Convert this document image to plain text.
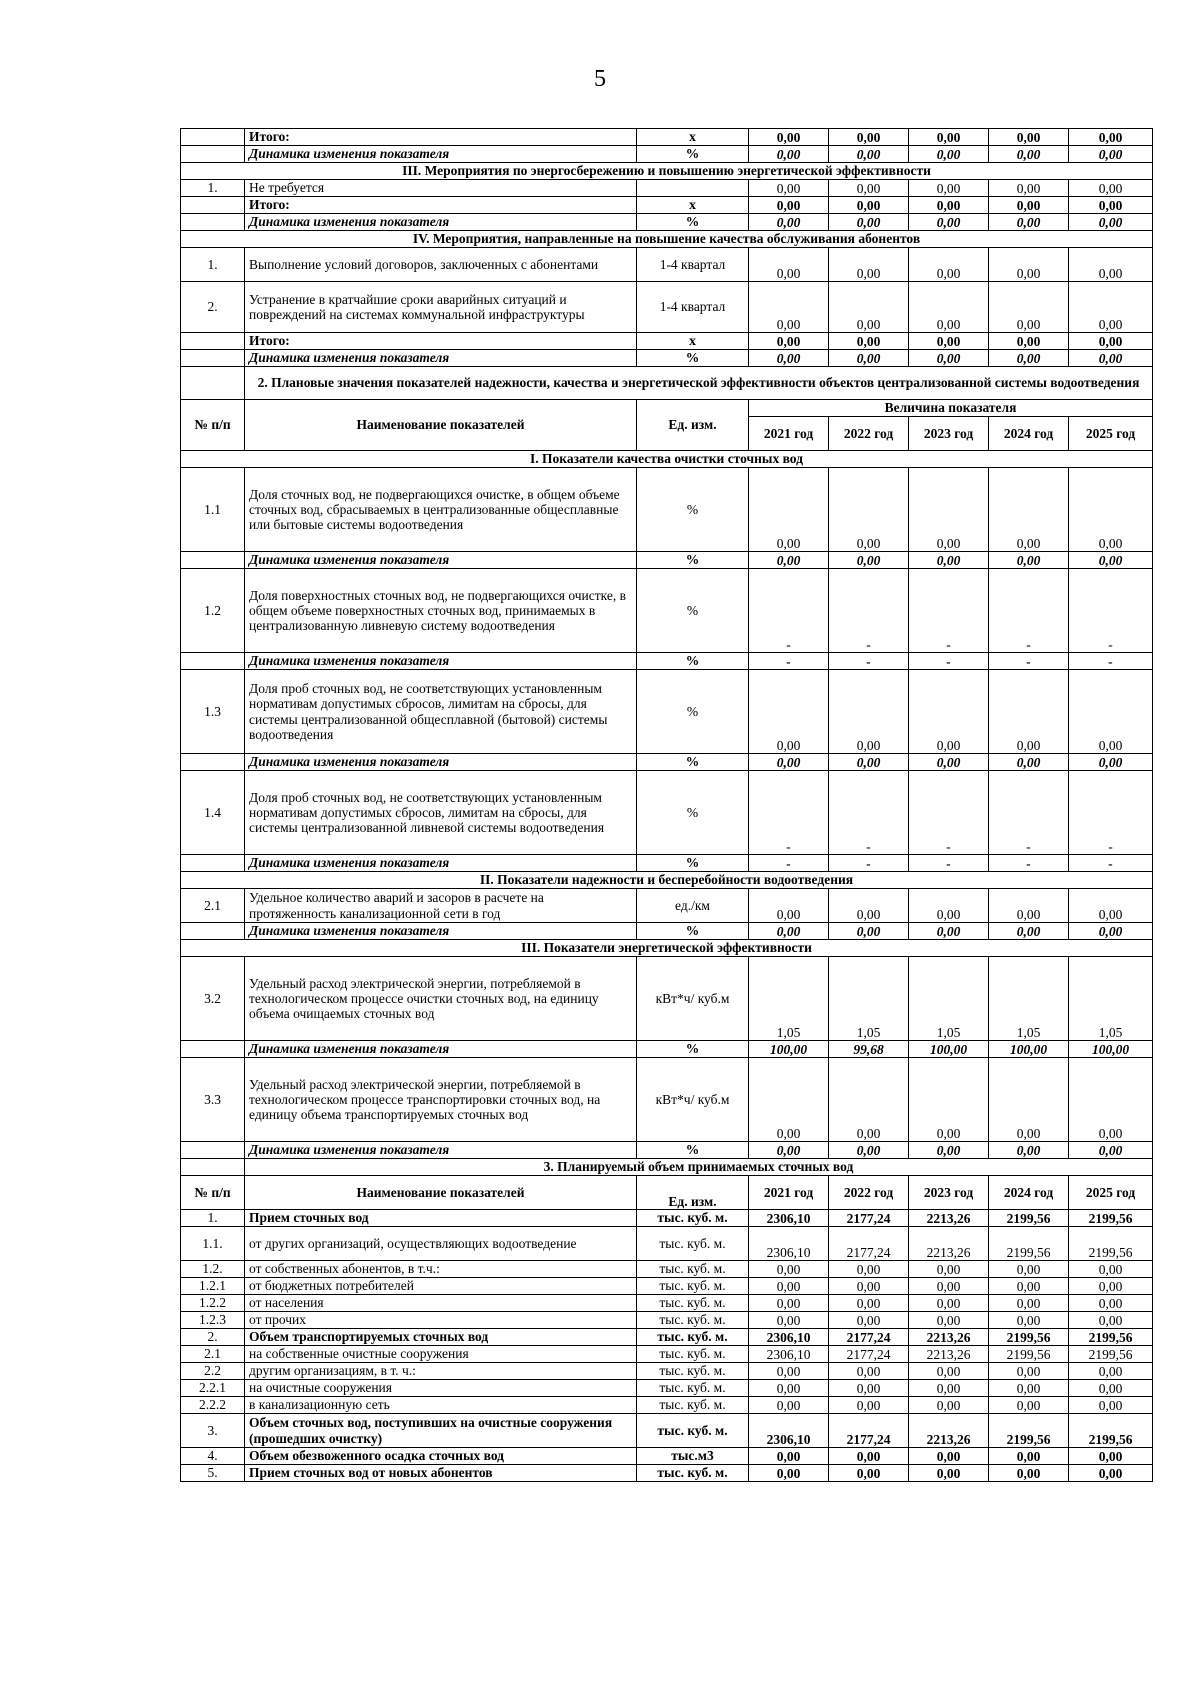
5
	Итого:	х	0,00	0,00	0,00	0,00	0,00
	Динамика изменения показателя	%	0,00	0,00	0,00	0,00	0,00
III. Мероприятия по энергосбережению и повышению энергетической эффективности							
1.	Не требуется		0,00	0,00	0,00	0,00	0,00
	Итого:	х	0,00	0,00	0,00	0,00	0,00
	Динамика изменения показателя	%	0,00	0,00	0,00	0,00	0,00
IV. Мероприятия, направленные на повышение качества обслуживания абонентов							
1.	Выполнение условий договоров, заключенных с абонентами	1-4 квартал	0,00	0,00	0,00	0,00	0,00
2.	Устранение в кратчайшие сроки аварийных ситуаций и повреждений на системах коммунальной инфраструктуры	1-4 квартал	0,00	0,00	0,00	0,00	0,00
	Итого:	х	0,00	0,00	0,00	0,00	0,00
	Динамика изменения показателя	%	0,00	0,00	0,00	0,00	0,00
	2. Плановые значения показателей надежности, качества и энергетической эффективности объектов централизованной системы водоотведения						
№ п/п	Наименование показателей	Ед. изм.	Величина показателя				
			2021 год	2022 год	2023 год	2024 год	2025 год
I. Показатели качества очистки сточных вод							
1.1	Доля сточных вод, не подвергающихся очистке, в общем объеме сточных вод, сбрасываемых в централизованные общесплавные или бытовые системы водоотведения	%	0,00	0,00	0,00	0,00	0,00
	Динамика изменения показателя	%	0,00	0,00	0,00	0,00	0,00
1.2	Доля поверхностных сточных вод, не подвергающихся очистке, в общем объеме поверхностных сточных вод, принимаемых в централизованную ливневую систему водоотведения	%	-	-	-	-	-
	Динамика изменения показателя	%	-	-	-	-	-
1.3	Доля проб сточных вод, не соответствующих установленным нормативам допустимых сбросов, лимитам на сбросы, для системы централизованной общесплавной (бытовой) системы водоотведения	%	0,00	0,00	0,00	0,00	0,00
	Динамика изменения показателя	%	0,00	0,00	0,00	0,00	0,00
1.4	Доля проб сточных вод, не соответствующих установленным нормативам допустимых сбросов, лимитам на сбросы, для системы централизованной ливневой системы водоотведения	%	-	-	-	-	-
	Динамика изменения показателя	%	-	-	-	-	-
II. Показатели надежности и бесперебойности водоотведения							
2.1	Удельное количество аварий и засоров в расчете на протяженность канализационной сети в год	ед./км	0,00	0,00	0,00	0,00	0,00
	Динамика изменения показателя	%	0,00	0,00	0,00	0,00	0,00
III. Показатели энергетической эффективности							
3.2	Удельный расход электрической энергии, потребляемой в технологическом процессе очистки сточных вод, на единицу объема очищаемых сточных вод	кВт*ч/ куб.м	1,05	1,05	1,05	1,05	1,05
	Динамика изменения показателя	%	100,00	99,68	100,00	100,00	100,00
3.3	Удельный расход электрической энергии, потребляемой в технологическом процессе транспортировки сточных вод, на единицу объема транспортируемых сточных вод	кВт*ч/ куб.м	0,00	0,00	0,00	0,00	0,00
	Динамика изменения показателя	%	0,00	0,00	0,00	0,00	0,00
	3. Планируемый объем принимаемых сточных вод						
№ п/п	Наименование показателей	Ед. изм.	2021 год	2022 год	2023 год	2024 год	2025 год
1.	Прием сточных вод	тыс. куб. м.	2306,10	2177,24	2213,26	2199,56	2199,56
1.1.	от других организаций, осуществляющих водоотведение	тыс. куб. м.	2306,10	2177,24	2213,26	2199,56	2199,56
1.2.	от собственных абонентов, в т.ч.:	тыс. куб. м.	0,00	0,00	0,00	0,00	0,00
1.2.1	от бюджетных потребителей	тыс. куб. м.	0,00	0,00	0,00	0,00	0,00
1.2.2	от населения	тыс. куб. м.	0,00	0,00	0,00	0,00	0,00
1.2.3	от прочих	тыс. куб. м.	0,00	0,00	0,00	0,00	0,00
2.	Объем транспортируемых сточных вод	тыс. куб. м.	2306,10	2177,24	2213,26	2199,56	2199,56
2.1	на собственные очистные сооружения	тыс. куб. м.	2306,10	2177,24	2213,26	2199,56	2199,56
2.2	другим организациям, в т. ч.:	тыс. куб. м.	0,00	0,00	0,00	0,00	0,00
2.2.1	на очистные сооружения	тыс. куб. м.	0,00	0,00	0,00	0,00	0,00
2.2.2	в канализационную сеть	тыс. куб. м.	0,00	0,00	0,00	0,00	0,00
3.	Объем сточных вод, поступивших на очистные сооружения (прошедших очистку)	тыс. куб. м.	2306,10	2177,24	2213,26	2199,56	2199,56
4.	Объем обезвоженного осадка сточных вод	тыс.м3	0,00	0,00	0,00	0,00	0,00
5.	Прием сточных вод от новых абонентов	тыс. куб. м.	0,00	0,00	0,00	0,00	0,00
